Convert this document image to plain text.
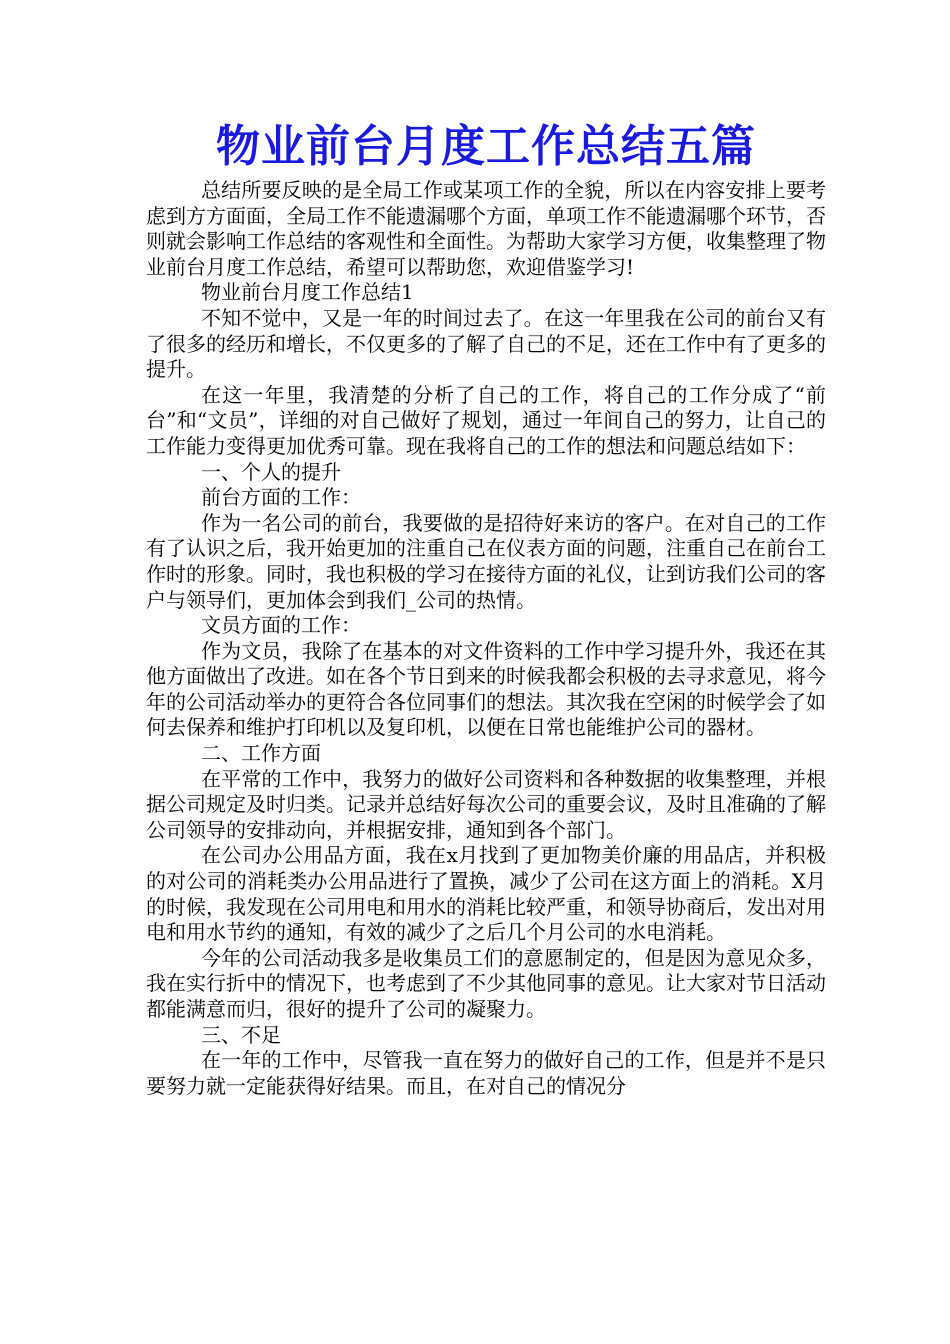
物业前台月度工作总结五篇

总结所要反映的是全局工作或某项工作的全貌，所以在内容安排上要考虑到方方面面，全局工作不能遗漏哪个方面，单项工作不能遗漏哪个环节，否则就会影响工作总结的客观性和全面性。为帮助大家学习方便，收集整理了物业前台月度工作总结，希望可以帮助您，欢迎借鉴学习!

物业前台月度工作总结1

不知不觉中，又是一年的时间过去了。在这一年里我在公司的前台又有了很多的经历和增长，不仅更多的了解了自己的不足，还在工作中有了更多的提升。

在这一年里，我清楚的分析了自己的工作，将自己的工作分成了“前台”和“文员”，详细的对自己做好了规划，通过一年间自己的努力，让自己的工作能力变得更加优秀可靠。现在我将自己的工作的想法和问题总结如下：

一、个人的提升

前台方面的工作：

作为一名公司的前台，我要做的是招待好来访的客户。在对自己的工作有了认识之后，我开始更加的注重自己在仪表方面的问题，注重自己在前台工作时的形象。同时，我也积极的学习在接待方面的礼仪，让到访我们公司的客户与领导们，更加体会到我们_公司的热情。

文员方面的工作：

作为文员，我除了在基本的对文件资料的工作中学习提升外，我还在其他方面做出了改进。如在各个节日到来的时候我都会积极的去寻求意见，将今年的公司活动举办的更符合各位同事们的想法。其次我在空闲的时候学会了如何去保养和维护打印机以及复印机，以便在日常也能维护公司的器材。

二、工作方面

在平常的工作中，我努力的做好公司资料和各种数据的收集整理，并根据公司规定及时归类。记录并总结好每次公司的重要会议，及时且准确的了解公司领导的安排动向，并根据安排，通知到各个部门。

在公司办公用品方面，我在x月找到了更加物美价廉的用品店，并积极的对公司的消耗类办公用品进行了置换，减少了公司在这方面上的消耗。X月的时候，我发现在公司用电和用水的消耗比较严重，和领导协商后，发出对用电和用水节约的通知，有效的减少了之后几个月公司的水电消耗。

今年的公司活动我多是收集员工们的意愿制定的，但是因为意见众多，我在实行折中的情况下，也考虑到了不少其他同事的意见。让大家对节日活动都能满意而归，很好的提升了公司的凝聚力。

三、不足

在一年的工作中，尽管我一直在努力的做好自己的工作，但是并不是只要努力就一定能获得好结果。而且，在对自己的情况分
